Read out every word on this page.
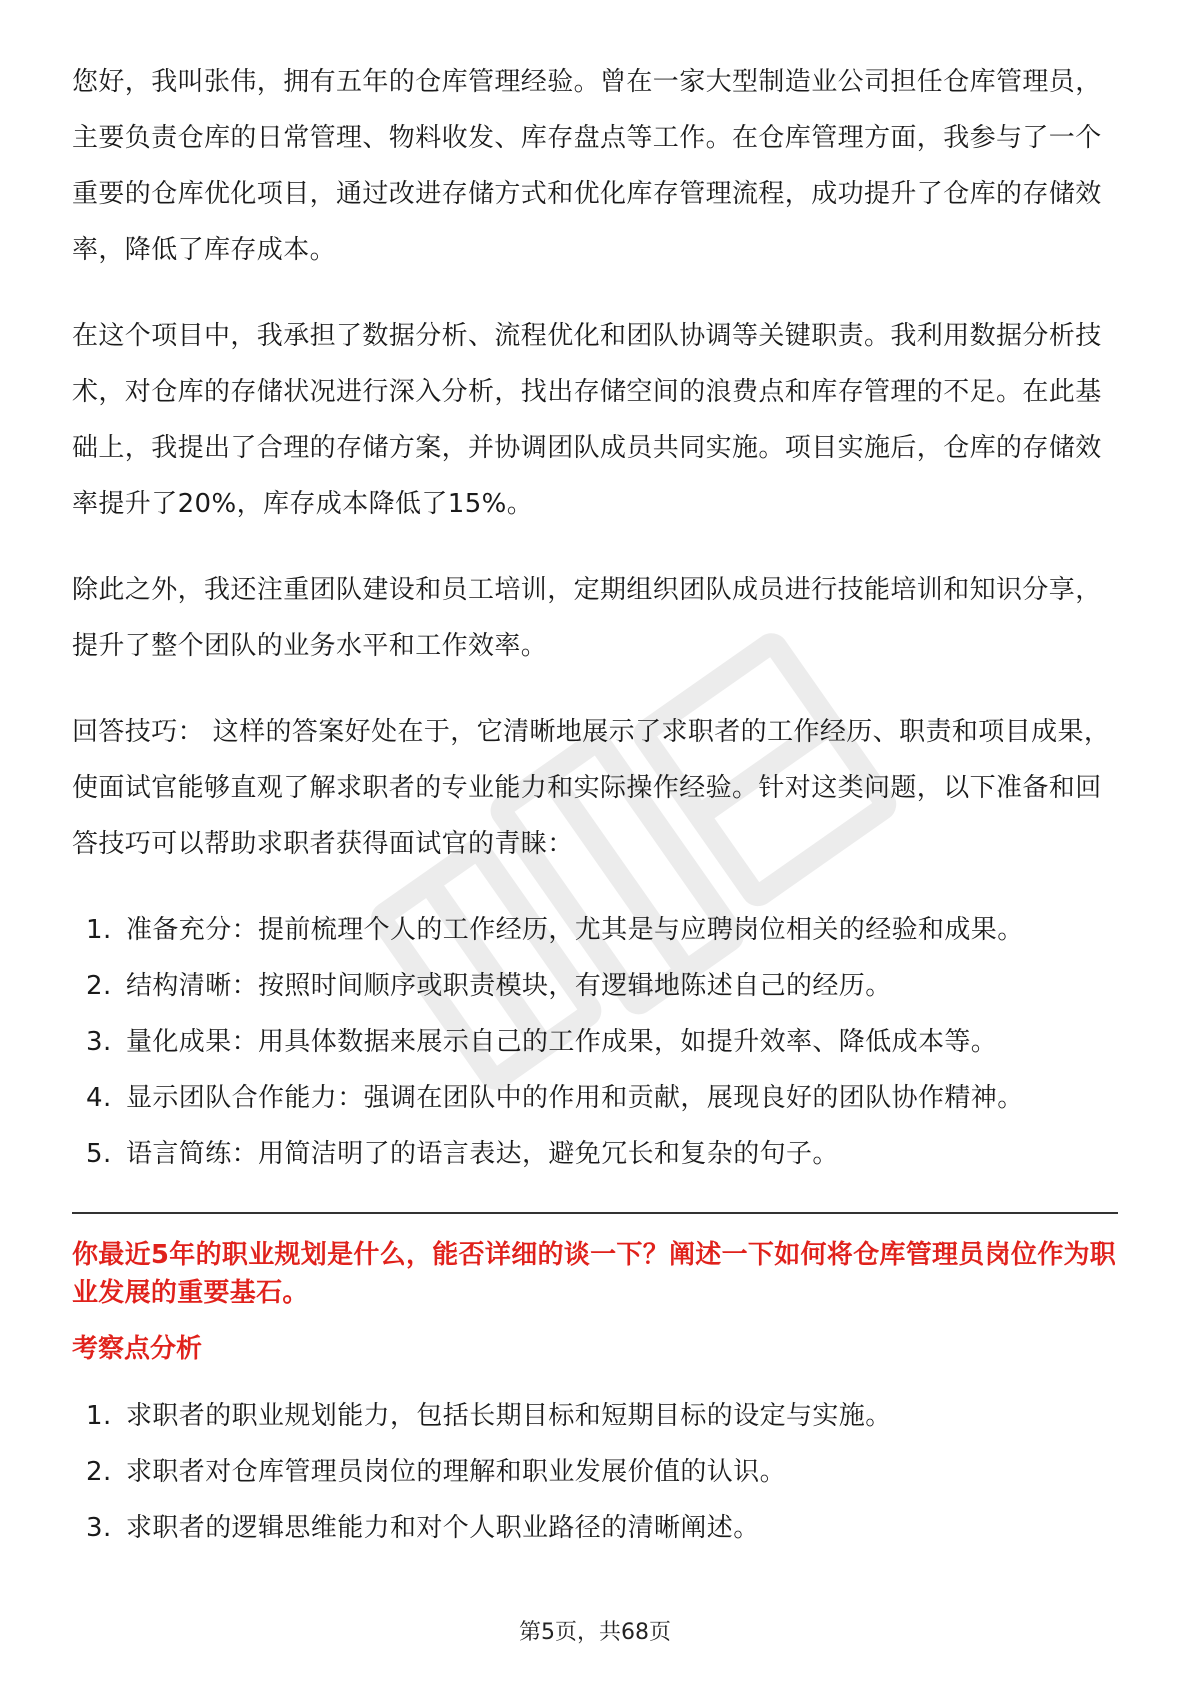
您好，我叫张伟，拥有五年的仓库管理经验。曾在一家大型制造业公司担任仓库管理员，主要负责仓库的日常管理、物料收发、库存盘点等工作。在仓库管理方面，我参与了一个重要的仓库优化项目，通过改进存储方式和优化库存管理流程，成功提升了仓库的存储效率，降低了库存成本。

在这个项目中，我承担了数据分析、流程优化和团队协调等关键职责。我利用数据分析技术，对仓库的存储状况进行深入分析，找出存储空间的浪费点和库存管理的不足。在此基础上，我提出了合理的存储方案，并协调团队成员共同实施。项目实施后，仓库的存储效率提升了20%，库存成本降低了15%。

除此之外，我还注重团队建设和员工培训，定期组织团队成员进行技能培训和知识分享，提升了整个团队的业务水平和工作效率。

回答技巧： 这样的答案好处在于，它清晰地展示了求职者的工作经历、职责和项目成果，使面试官能够直观了解求职者的专业能力和实际操作经验。针对这类问题，以下准备和回答技巧可以帮助求职者获得面试官的青睐：

1. 准备充分：提前梳理个人的工作经历，尤其是与应聘岗位相关的经验和成果。
2. 结构清晰：按照时间顺序或职责模块，有逻辑地陈述自己的经历。
3. 量化成果：用具体数据来展示自己的工作成果，如提升效率、降低成本等。
4. 显示团队合作能力：强调在团队中的作用和贡献，展现良好的团队协作精神。
5. 语言简练：用简洁明了的语言表达，避免冗长和复杂的句子。
你最近5年的职业规划是什么，能否详细的谈一下？阐述一下如何将仓库管理员岗位作为职业发展的重要基石。
考察点分析
1. 求职者的职业规划能力，包括长期目标和短期目标的设定与实施。
2. 求职者对仓库管理员岗位的理解和职业发展价值的认识。
3. 求职者的逻辑思维能力和对个人职业路径的清晰阐述。
第5页，共68页
